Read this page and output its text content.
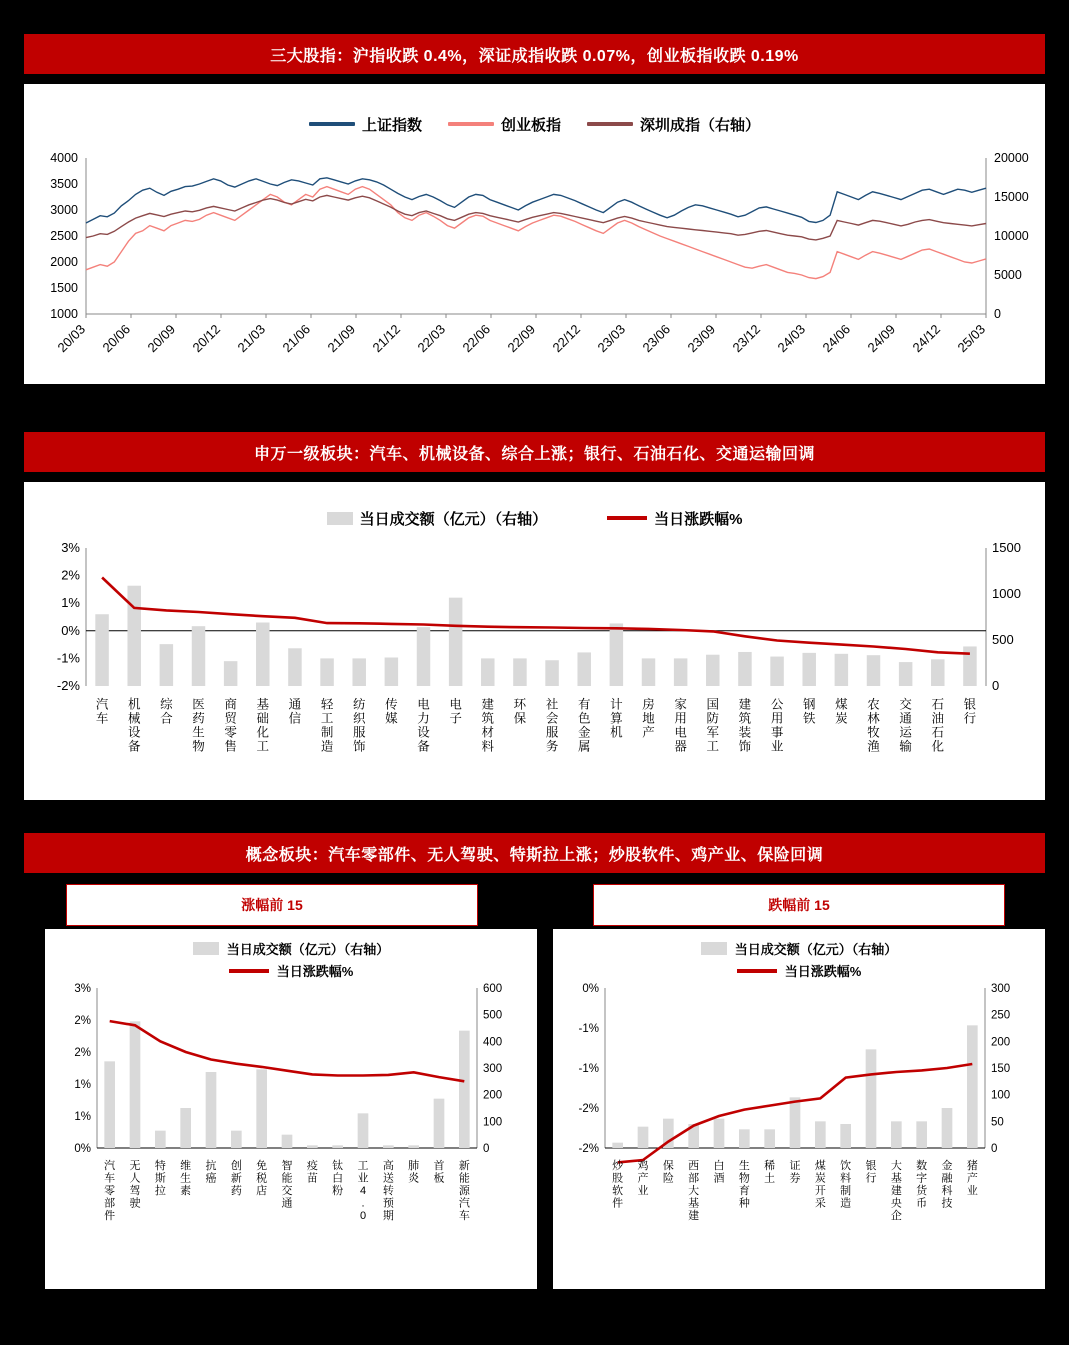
三大股指：沪指收跌 0.4%，深证成指收跌 0.07%，创业板指收跌 0.19%
上证指数	创业板指	深圳成指（右轴）
1000
1500
2000
2500
3000
3500
4000
0
5000
10000
15000
20000
20/03 20/06 20/09 20/12 21/03 21/06 21/09 21/12 22/03 22/06 22/09 22/12 23/03 23/06 23/09 23/12 24/03 24/06 24/09 24/12 25/03
申万一级板块：汽车、机械设备、综合上涨；银行、石油石化、交通运输回调
当日成交额（亿元）（右轴）	当日涨跌幅%
-2%
-1%
0%
1%
2%
3%
0
500
1000
1500
汽
车
机
械
设
备
综
合
医
药
生
物
商
贸
零
售
基
础
化
工
通
信
轻
工
制
造
纺
织
服
饰
传
媒
电
力
设
备
电
子
建
筑
材
料
环
保
社
会
服
务
有
色
金
属
计
算
机
房
地
产
家
用
电
器
国
防
军
工
建
筑
装
饰
公
用
事
业
钢
铁
煤
炭
农
林
牧
渔
交
通
运
输
石
油
石
化
银
行
概念板块：汽车零部件、无人驾驶、特斯拉上涨；炒股软件、鸡产业、保险回调
涨幅前 15	跌幅前 15
当日成交额（亿元）（右轴）
当日涨跌幅%
0%
1%
1%
2%
2%
3%
0
100
200
300
400
500
600
汽
车
零
部
件
无
人
驾
驶
特
斯
拉
维
生
素
抗
癌
创
新
药
免
税
店
智
能
交
通
疫
苗
钛
白
粉
工
业
4
.
0
高
送
转
预
期
肺
炎
首
板
新
能
源
汽
车
当日成交额（亿元）（右轴）
当日涨跌幅%
-2%
-2%
-1%
-1%
0%
0
50
100
150
200
250
300
炒
股
软
件
鸡
产
业
保
险
西
部
大
基
建
白
酒
生
物
育
种
稀
土
证
券
煤
炭
开
采
饮
料
制
造
银
行
大
基
建
央
企
数
字
货
币
金
融
科
技
猪
产
业
